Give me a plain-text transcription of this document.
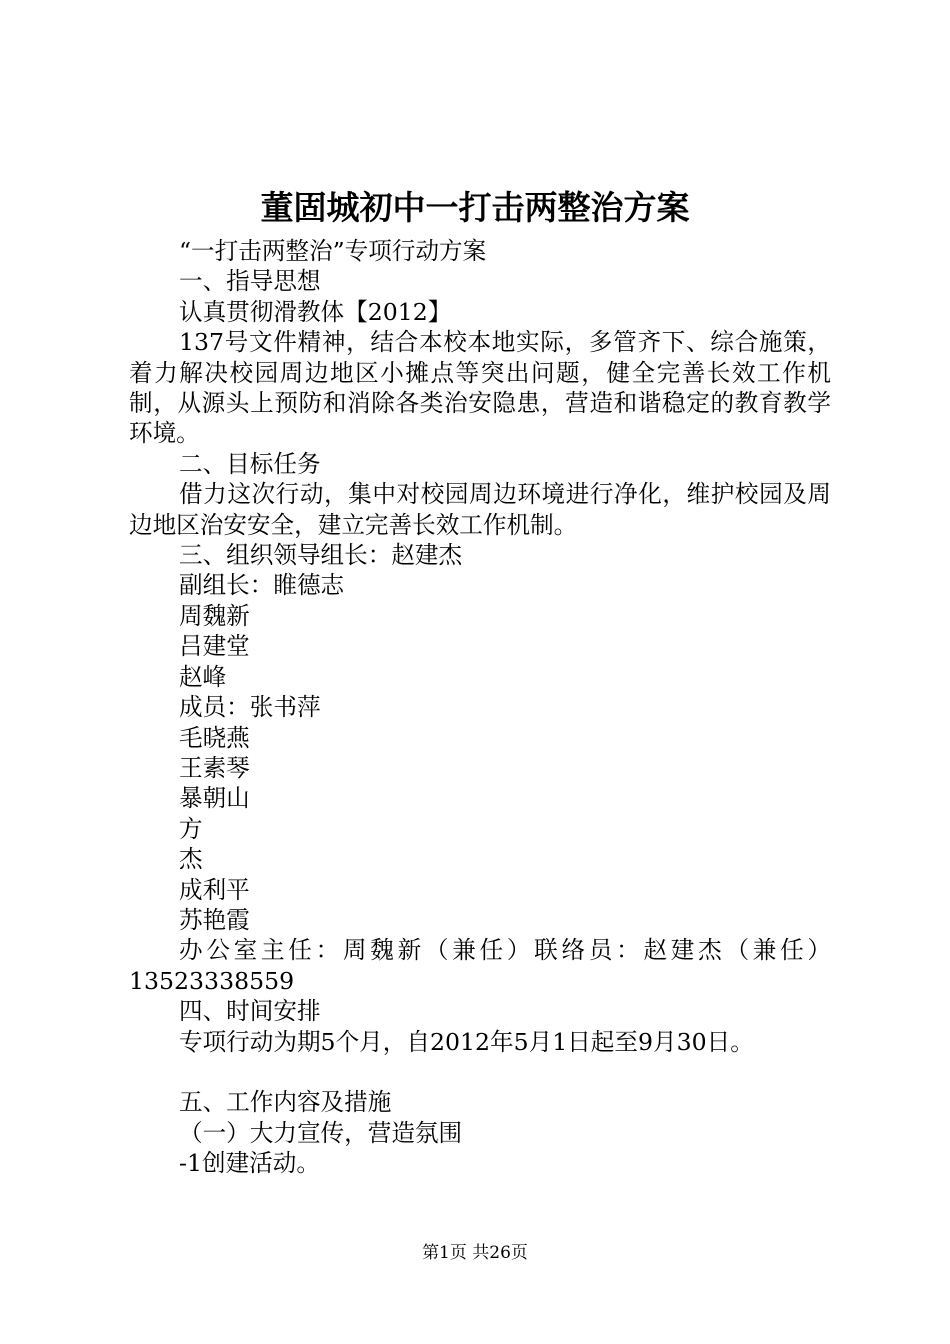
董固城初中一打击两整治方案

“一打击两整治”专项行动方案

一、指导思想

认真贯彻滑教体【2012】

137号文件精神，结合本校本地实际，多管齐下、综合施策，着力解决校园周边地区小摊点等突出问题，健全完善长效工作机制，从源头上预防和消除各类治安隐患，营造和谐稳定的教育教学环境。

二、目标任务

借力这次行动，集中对校园周边环境进行净化，维护校园及周边地区治安安全，建立完善长效工作机制。

三、组织领导组长：赵建杰

副组长：睢德志

周魏新

吕建堂

赵峰

成员：张书萍

毛晓燕

王素琴

暴朝山

方

杰

成利平

苏艳霞

办公室主任：周魏新（兼任）联络员：赵建杰（兼任）13523338559

四、时间安排

专项行动为期5个月，自2012年5月1日起至9月30日。

五、工作内容及措施

（一）大力宣传，营造氛围

-1创建活动。

第1页 共26页
